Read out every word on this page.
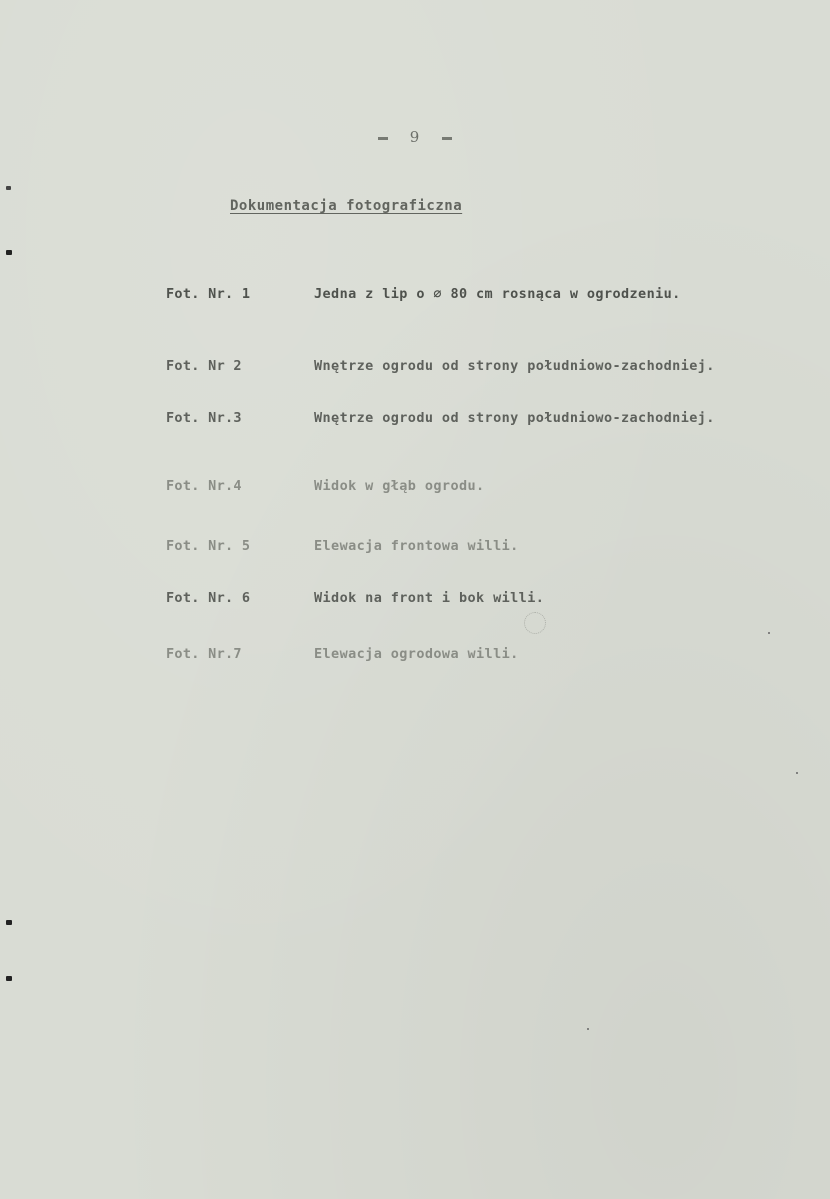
9
Dokumentacja fotograficzna
Fot. Nr. 1	Jedna z lip o ∅ 80 cm rosnąca w ogrodzeniu.
Fot. Nr 2	Wnętrze ogrodu od strony południowo-zachodniej.
Fot. Nr.3	Wnętrze ogrodu od strony południowo-zachodniej.
Fot. Nr.4	Widok w głąb ogrodu.
Fot. Nr. 5	Elewacja frontowa willi.
Fot. Nr. 6	Widok na front i bok willi.
Fot. Nr.7	Elewacja ogrodowa willi.
